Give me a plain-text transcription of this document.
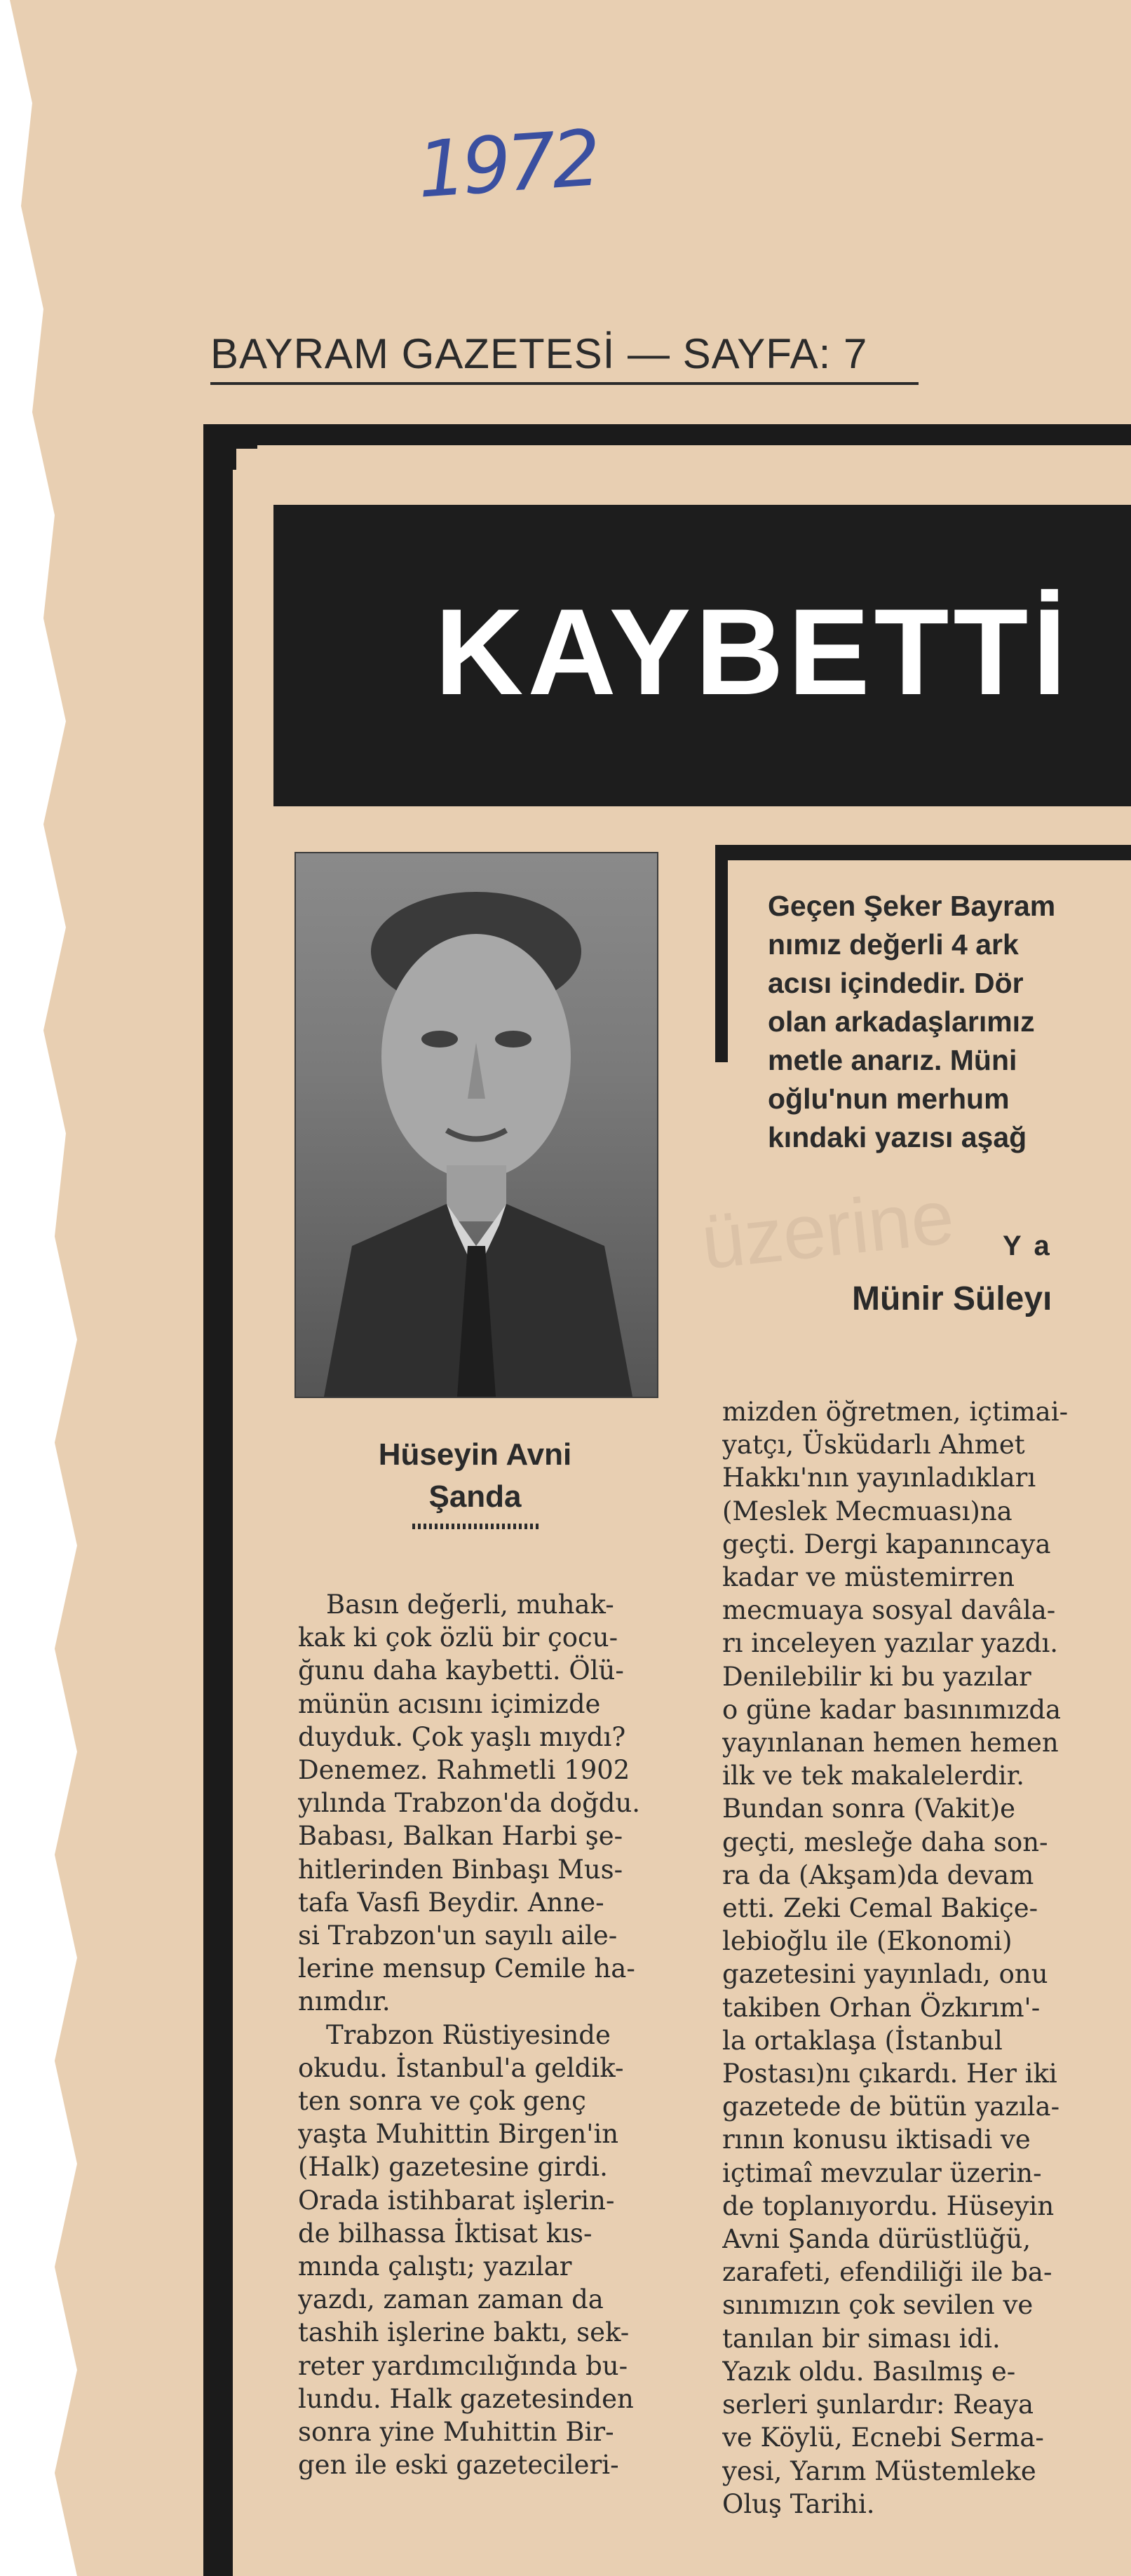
1972
BAYRAM GAZETESİ — SAYFA: 7
KAYBETTİ
Hüseyin Avni
Şanda
Geçen Şeker Bayram
nımız değerli 4 ark
acısı içindedir. Dör
olan arkadaşlarımız
metle anarız. Müni
oğlu'nun merhum
kındaki yazısı aşağ
üzerine Ya
Münir Süleyı
Basın değerli, muhak-
kak ki çok özlü bir çocu-
ğunu daha kaybetti. Ölü-
münün acısını içimizde
duyduk. Çok yaşlı mıydı?
Denemez. Rahmetli 1902
yılında Trabzon'da doğdu.
Babası, Balkan Harbi şe-
hitlerinden Binbaşı Mus-
tafa Vasfi Beydir. Anne-
si Trabzon'un sayılı aile-
lerine mensup Cemile ha-
nımdır.
Trabzon Rüstiyesinde
okudu. İstanbul'a geldik-
ten sonra ve çok genç
yaşta Muhittin Birgen'in
(Halk) gazetesine girdi.
Orada istihbarat işlerin-
de bilhassa İktisat kıs-
mında çalıştı; yazılar
yazdı, zaman zaman da
tashih işlerine baktı, sek-
reter yardımcılığında bu-
lundu. Halk gazetesinden
sonra yine Muhittin Bir-
gen ile eski gazetecileri-
mizden öğretmen, içtimai-
yatçı, Üsküdarlı Ahmet
Hakkı'nın yayınladıkları
(Meslek Mecmuası)na
geçti. Dergi kapanıncaya
kadar ve müstemirren
mecmuaya sosyal davâla-
rı inceleyen yazılar yazdı.
Denilebilir ki bu yazılar
o güne kadar basınımızda
yayınlanan hemen hemen
ilk ve tek makalelerdir.
Bundan sonra (Vakit)e
geçti, mesleğe daha son-
ra da (Akşam)da devam
etti. Zeki Cemal Bakiçe-
lebioğlu ile (Ekonomi)
gazetesini yayınladı, onu
takiben Orhan Özkırım'-
la ortaklaşa (İstanbul
Postası)nı çıkardı. Her iki
gazetede de bütün yazıla-
rının konusu iktisadi ve
içtimaî mevzular üzerin-
de toplanıyordu. Hüseyin
Avni Şanda dürüstlüğü,
zarafeti, efendiliği ile ba-
sınımızın çok sevilen ve
tanılan bir siması idi.
Yazık oldu. Basılmış e-
serleri şunlardır: Reaya
ve Köylü, Ecnebi Serma-
yesi, Yarım Müstemleke
Oluş Tarihi.
